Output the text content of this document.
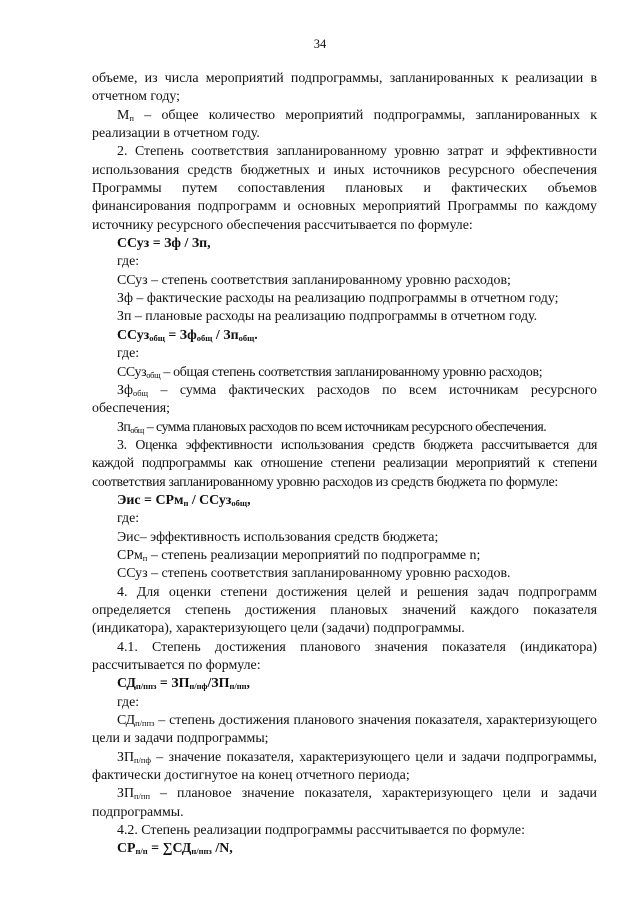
34

объеме, из числа мероприятий подпрограммы, запланированных к реализации в отчетном году;

$М_п$ – общее количество мероприятий подпрограммы, запланированных к реализации в отчетном году.

2. Степень соответствия запланированному уровню затрат и эффективности использования средств бюджетных и иных источников ресурсного обеспечения Программы путем сопоставления плановых и фактических объемов финансирования подпрограмм и основных мероприятий Программы по каждому источнику ресурсного обеспечения рассчитывается по формуле:

ССуз = Зф / Зп,

где:

ССуз – степень соответствия запланированному уровню расходов;

Зф – фактические расходы на реализацию подпрограммы в отчетном году;

Зп – плановые расходы на реализацию подпрограммы в отчетном году.

ССуз$_{общ}$ = $Зф_{общ} / Зп_{общ}$.

где:

ССуз$_{общ}$ – общая степень соответствия запланированному уровню расходов;

$Зф_{общ}$ – сумма фактических расходов по всем источникам ресурсного обеспечения;

$Зп_{общ}$ – сумма плановых расходов по всем источникам ресурсного обеспечения.

3. Оценка эффективности использования средств бюджета рассчитывается для каждой подпрограммы как отношение степени реализации мероприятий к степени соответствия запланированному уровню расходов из средств бюджета по формуле:

Эис = СРм$_п$ / ССуз$_{общ}$,

где:

Эис– эффективность использования средств бюджета;

СРм$_п$ – степень реализации мероприятий по подпрограмме n;

ССуз – степень соответствия запланированному уровню расходов.

4. Для оценки степени достижения целей и решения задач подпрограмм определяется степень достижения плановых значений каждого показателя (индикатора), характеризующего цели (задачи) подпрограммы.

4.1. Степень достижения планового значения показателя (индикатора) рассчитывается по формуле:

$СД_{п/ппз} = ЗП_{п/пф}/ЗП_{п/пп}$,

где:

$СД_{п/ппз}$ – степень достижения планового значения показателя, характеризующего цели и задачи подпрограммы;

$ЗП_{п/пф}$ – значение показателя, характеризующего цели и задачи подпрограммы, фактически достигнутое на конец отчетного периода;

$ЗП_{п/пп}$ – плановое значение показателя, характеризующего цели и задачи подпрограммы.

4.2. Степень реализации подпрограммы рассчитывается по формуле:

$СР_{п/п} = \sum СД_{п/ппз}$ /N,
